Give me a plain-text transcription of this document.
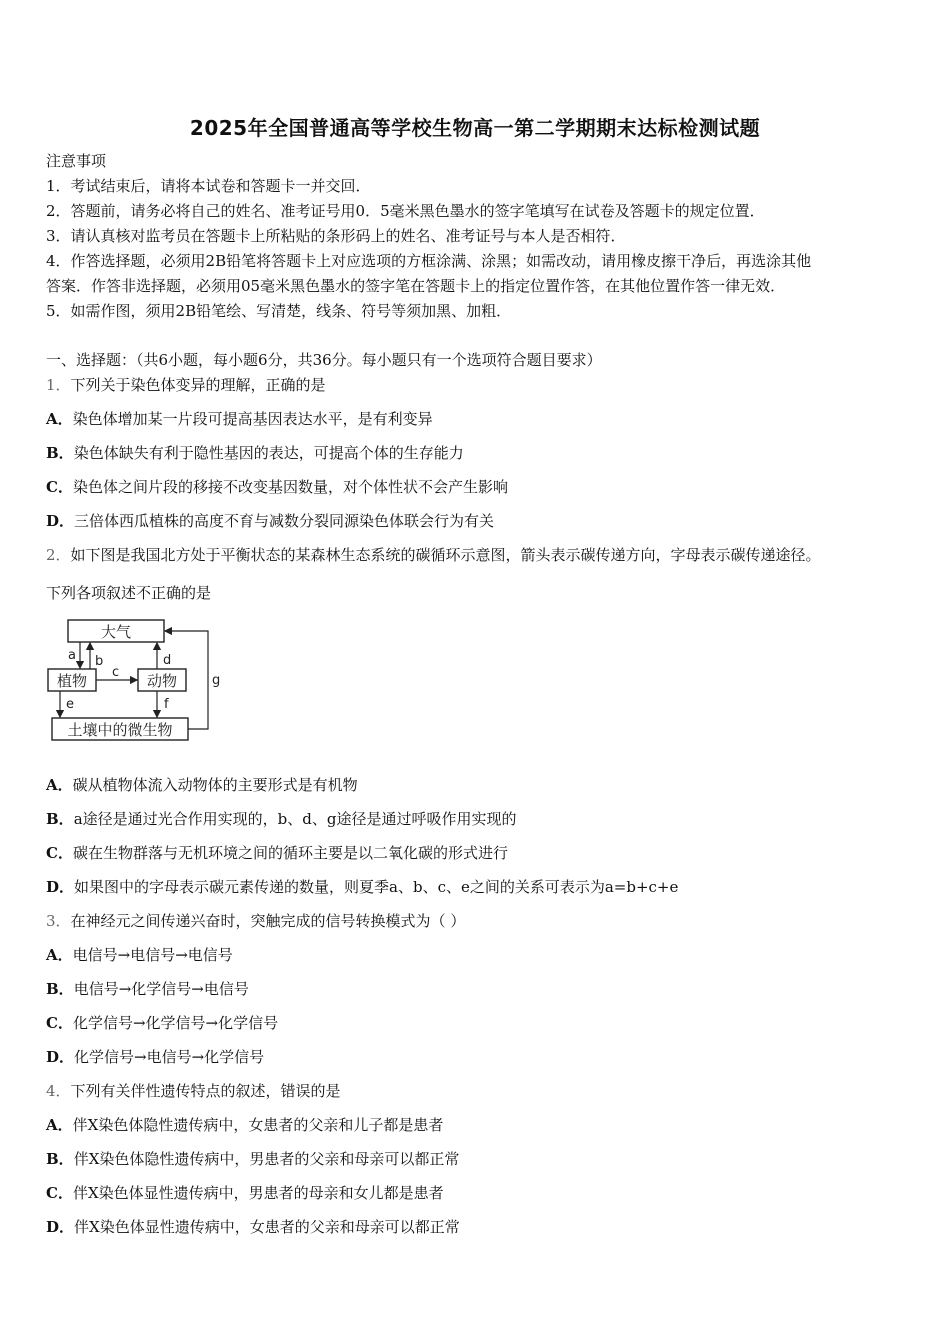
2025年全国普通高等学校生物高一第二学期期末达标检测试题
注意事项
1．考试结束后，请将本试卷和答题卡一并交回．
2．答题前，请务必将自己的姓名、准考证号用0．5毫米黑色墨水的签字笔填写在试卷及答题卡的规定位置．
3．请认真核对监考员在答题卡上所粘贴的条形码上的姓名、准考证号与本人是否相符．
4．作答选择题，必须用2B铅笔将答题卡上对应选项的方框涂满、涂黑；如需改动，请用橡皮擦干净后，再选涂其他
答案．作答非选择题，必须用05毫米黑色墨水的签字笔在答题卡上的指定位置作答，在其他位置作答一律无效．
5．如需作图，须用2B铅笔绘、写清楚，线条、符号等须加黑、加粗．
一、选择题：（共6小题，每小题6分，共36分。每小题只有一个选项符合题目要求）
1．下列关于染色体变异的理解，正确的是
A．染色体增加某一片段可提高基因表达水平，是有利变异
B．染色体缺失有利于隐性基因的表达，可提高个体的生存能力
C．染色体之间片段的移接不改变基因数量，对个体性状不会产生影响
D．三倍体西瓜植株的高度不育与减数分裂同源染色体联会行为有关
2．如下图是我国北方处于平衡状态的某森林生态系统的碳循环示意图，箭头表示碳传递方向，字母表示碳传递途径。
下列各项叙述不正确的是
大气
植物	动物
土壤中的微生物
a b
c
d
e	f
g
A．碳从植物体流入动物体的主要形式是有机物
B．a途径是通过光合作用实现的，b、d、g途径是通过呼吸作用实现的
C．碳在生物群落与无机环境之间的循环主要是以二氧化碳的形式进行
D．如果图中的字母表示碳元素传递的数量，则夏季a、b、c、e之间的关系可表示为a=b+c+e
3．在神经元之间传递兴奋时，突触完成的信号转换模式为（ ）
A．电信号→电信号→电信号
B．电信号→化学信号→电信号
C．化学信号→化学信号→化学信号
D．化学信号→电信号→化学信号
4．下列有关伴性遗传特点的叙述，错误的是
A．伴X染色体隐性遗传病中，女患者的父亲和儿子都是患者
B．伴X染色体隐性遗传病中，男患者的父亲和母亲可以都正常
C．伴X染色体显性遗传病中，男患者的母亲和女儿都是患者
D．伴X染色体显性遗传病中，女患者的父亲和母亲可以都正常
